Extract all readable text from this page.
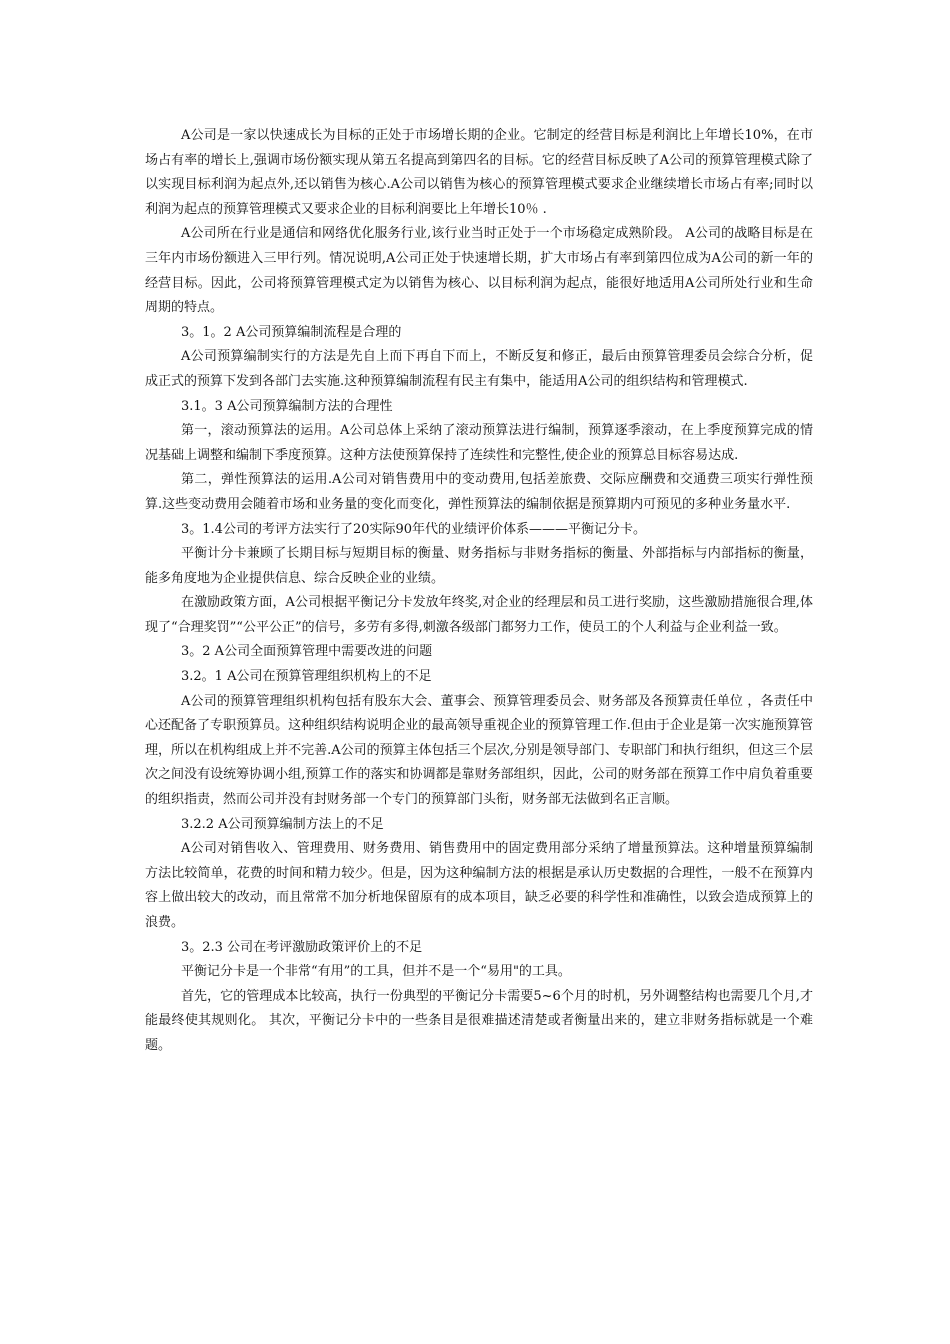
A公司是一家以快速成长为目标的正处于市场增长期的企业。它制定的经营目标是利润比上年增长10%，在市场占有率的增长上,强调市场份额实现从第五名提高到第四名的目标。它的经营目标反映了A公司的预算管理模式除了以实现目标利润为起点外,还以销售为核心.A公司以销售为核心的预算管理模式要求企业继续增长市场占有率;同时以利润为起点的预算管理模式又要求企业的目标利润要比上年增长10％ .

A公司所在行业是通信和网络优化服务行业,该行业当时正处于一个市场稳定成熟阶段。 A公司的战略目标是在三年内市场份额进入三甲行列。情况说明,A公司正处于快速增长期，扩大市场占有率到第四位成为A公司的新一年的经营目标。因此，公司将预算管理模式定为以销售为核心、以目标利润为起点，能很好地适用A公司所处行业和生命周期的特点。

3。1。2 A公司预算编制流程是合理的

A公司预算编制实行的方法是先自上而下再自下而上，不断反复和修正，最后由预算管理委员会综合分析，促成正式的预算下发到各部门去实施.这种预算编制流程有民主有集中，能适用A公司的组织结构和管理模式.

3.1。3 A公司预算编制方法的合理性

第一，滚动预算法的运用。A公司总体上采纳了滚动预算法进行编制，预算逐季滚动，在上季度预算完成的情况基础上调整和编制下季度预算。这种方法使预算保持了连续性和完整性,使企业的预算总目标容易达成.

第二，弹性预算法的运用.A公司对销售费用中的变动费用,包括差旅费、交际应酬费和交通费三项实行弹性预算.这些变动费用会随着市场和业务量的变化而变化，弹性预算法的编制依据是预算期内可预见的多种业务量水平.

3。1.4公司的考评方法实行了20实际90年代的业绩评价体系———平衡记分卡。

平衡计分卡兼顾了长期目标与短期目标的衡量、财务指标与非财务指标的衡量、外部指标与内部指标的衡量，能多角度地为企业提供信息、综合反映企业的业绩。

在激励政策方面，A公司根据平衡记分卡发放年终奖,对企业的经理层和员工进行奖励，这些激励措施很合理,体现了“合理奖罚”“公平公正”的信号，多劳有多得,刺激各级部门都努力工作，使员工的个人利益与企业利益一致。

3。2 A公司全面预算管理中需要改进的问题

3.2。1 A公司在预算管理组织机构上的不足

A公司的预算管理组织机构包括有股东大会、董事会、预算管理委员会、财务部及各预算责任单位 ，各责任中心还配备了专职预算员。这种组织结构说明企业的最高领导重视企业的预算管理工作.但由于企业是第一次实施预算管理，所以在机构组成上并不完善.A公司的预算主体包括三个层次,分别是领导部门、专职部门和执行组织，但这三个层次之间没有设统筹协调小组,预算工作的落实和协调都是靠财务部组织，因此，公司的财务部在预算工作中肩负着重要的组织指责，然而公司并没有封财务部一个专门的预算部门头衔，财务部无法做到名正言顺。

3.2.2 A公司预算编制方法上的不足

A公司对销售收入、管理费用、财务费用、销售费用中的固定费用部分采纳了增量预算法。这种增量预算编制方法比较简单，花费的时间和精力较少。但是，因为这种编制方法的根据是承认历史数据的合理性，一般不在预算内容上做出较大的改动，而且常常不加分析地保留原有的成本项目，缺乏必要的科学性和准确性，以致会造成预算上的浪费。

3。2.3 公司在考评激励政策评价上的不足

平衡记分卡是一个非常“有用”的工具，但并不是一个“易用"的工具。

首先，它的管理成本比较高，执行一份典型的平衡记分卡需要5~6个月的时机，另外调整结构也需要几个月,才能最终使其规则化。 其次，平衡记分卡中的一些条目是很难描述清楚或者衡量出来的，建立非财务指标就是一个难题。
